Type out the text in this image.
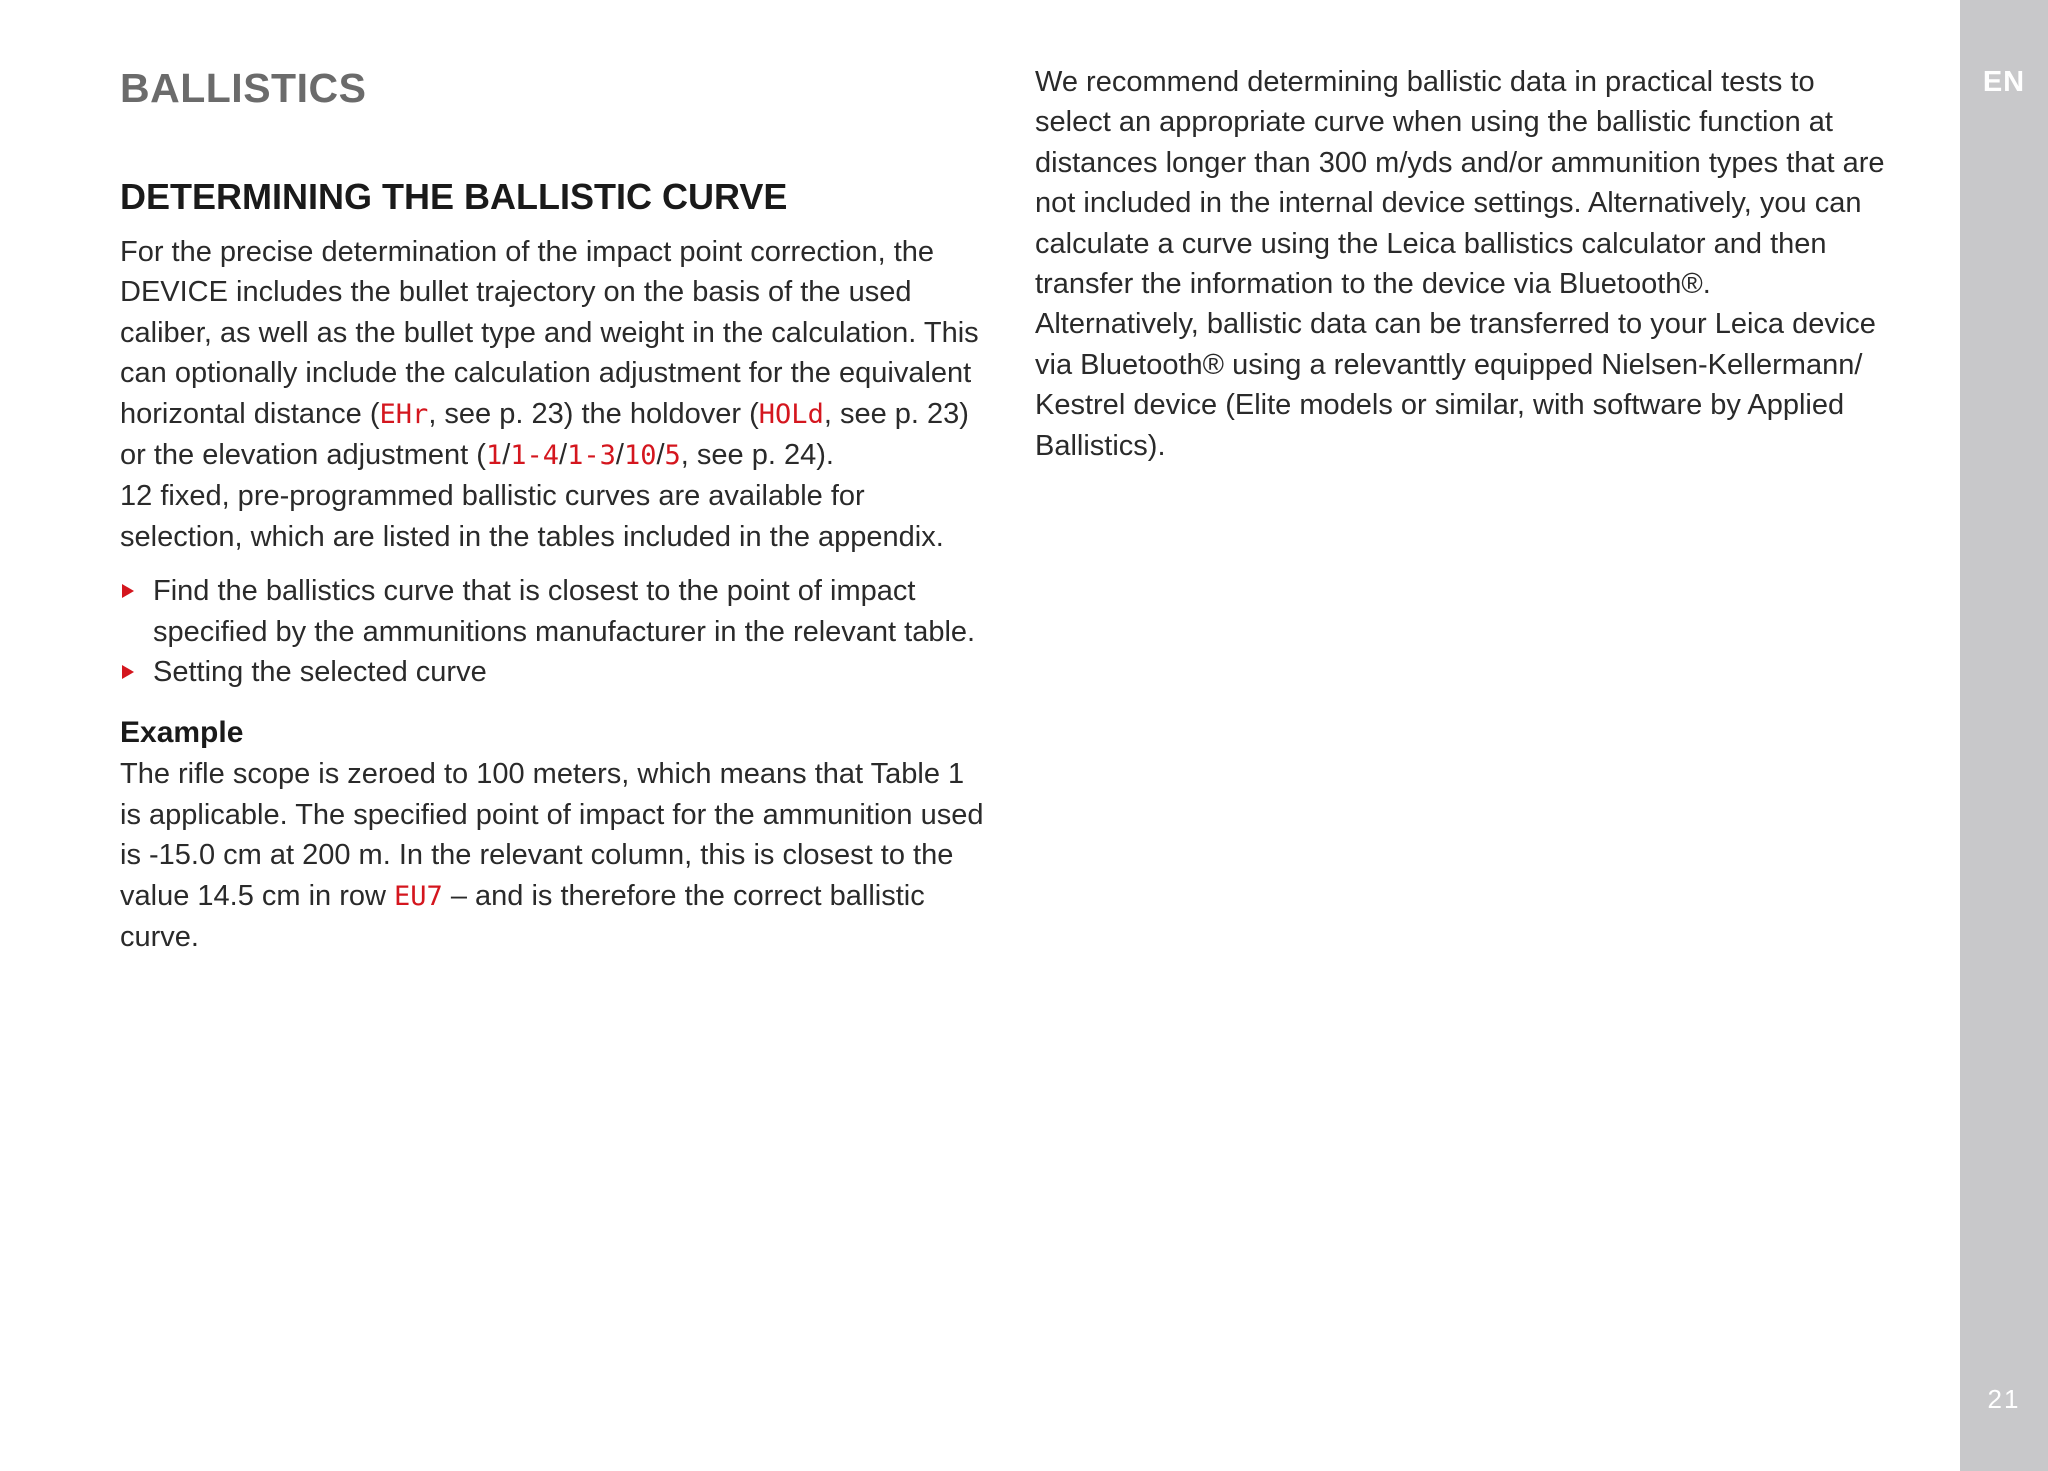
BALLISTICS
DETERMINING THE BALLISTIC CURVE

For the precise determination of the impact point correction, the DEVICE includes the bullet trajectory on the basis of the used caliber, as well as the bullet type and weight in the calculation. This can optionally include the calculation adjustment for the equivalent horizontal distance (EHr, see p. 23) the holdover (HOLd, see p. 23) or the elevation adjustment (1/1-4/1-3/10/5, see p. 24).
12 fixed, pre-programmed ballistic curves are available for selection, which are listed in the tables included in the appendix.

Find the ballistics curve that is closest to the point of impact specified by the ammunitions manufacturer in the relevant table.
Setting the selected curve
Example

The rifle scope is zeroed to 100 meters, which means that Table 1 is applicable. The specified point of impact for the ammunition used is -15.0 cm at 200 m. In the relevant column, this is closest to the value 14.5 cm in row EU7 – and is therefore the correct ballistic curve.

We recommend determining ballistic data in practical tests to select an appropriate curve when using the ballistic function at distances longer than 300 m/yds and/or ammunition types that are not included in the internal device settings. Alternatively, you can calculate a curve using the Leica ballistics calculator and then transfer the information to the device via Bluetooth®.

Alternatively, ballistic data can be transferred to your Leica device via Bluetooth® using a relevanttly equipped Nielsen-Kellermann/ Kestrel device (Elite models or similar, with software by Applied Ballistics).

EN
21
